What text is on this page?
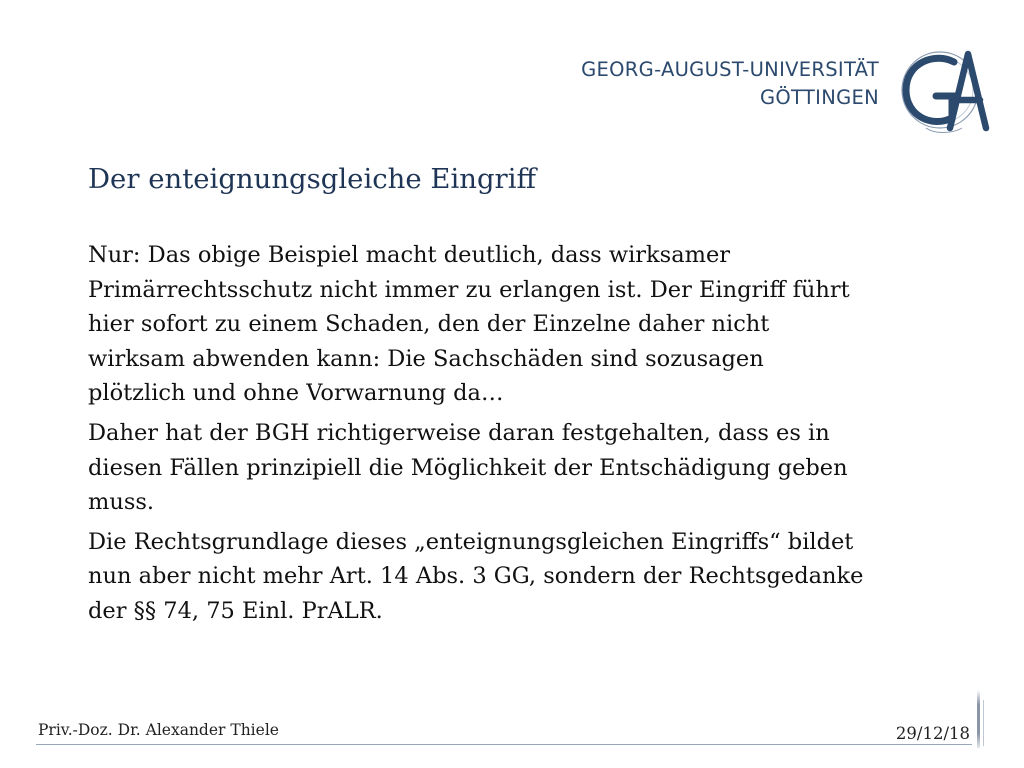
GEORG-AUGUST-UNIVERSITÄT
GÖTTINGEN
Der enteignungsgleiche Eingriff
Nur: Das obige Beispiel macht deutlich, dass wirksamer
Primärrechtsschutz nicht immer zu erlangen ist. Der Eingriff führt
hier sofort zu einem Schaden, den der Einzelne daher nicht
wirksam abwenden kann: Die Sachschäden sind sozusagen
plötzlich und ohne Vorwarnung da…
Daher hat der BGH richtigerweise daran festgehalten, dass es in
diesen Fällen prinzipiell die Möglichkeit der Entschädigung geben
muss.
Die Rechtsgrundlage dieses „enteignungsgleichen Eingriffs“ bildet
nun aber nicht mehr Art. 14 Abs. 3 GG, sondern der Rechtsgedanke
der §§ 74, 75 Einl. PrALR.
Priv.-Doz. Dr. Alexander Thiele	29/12/18
